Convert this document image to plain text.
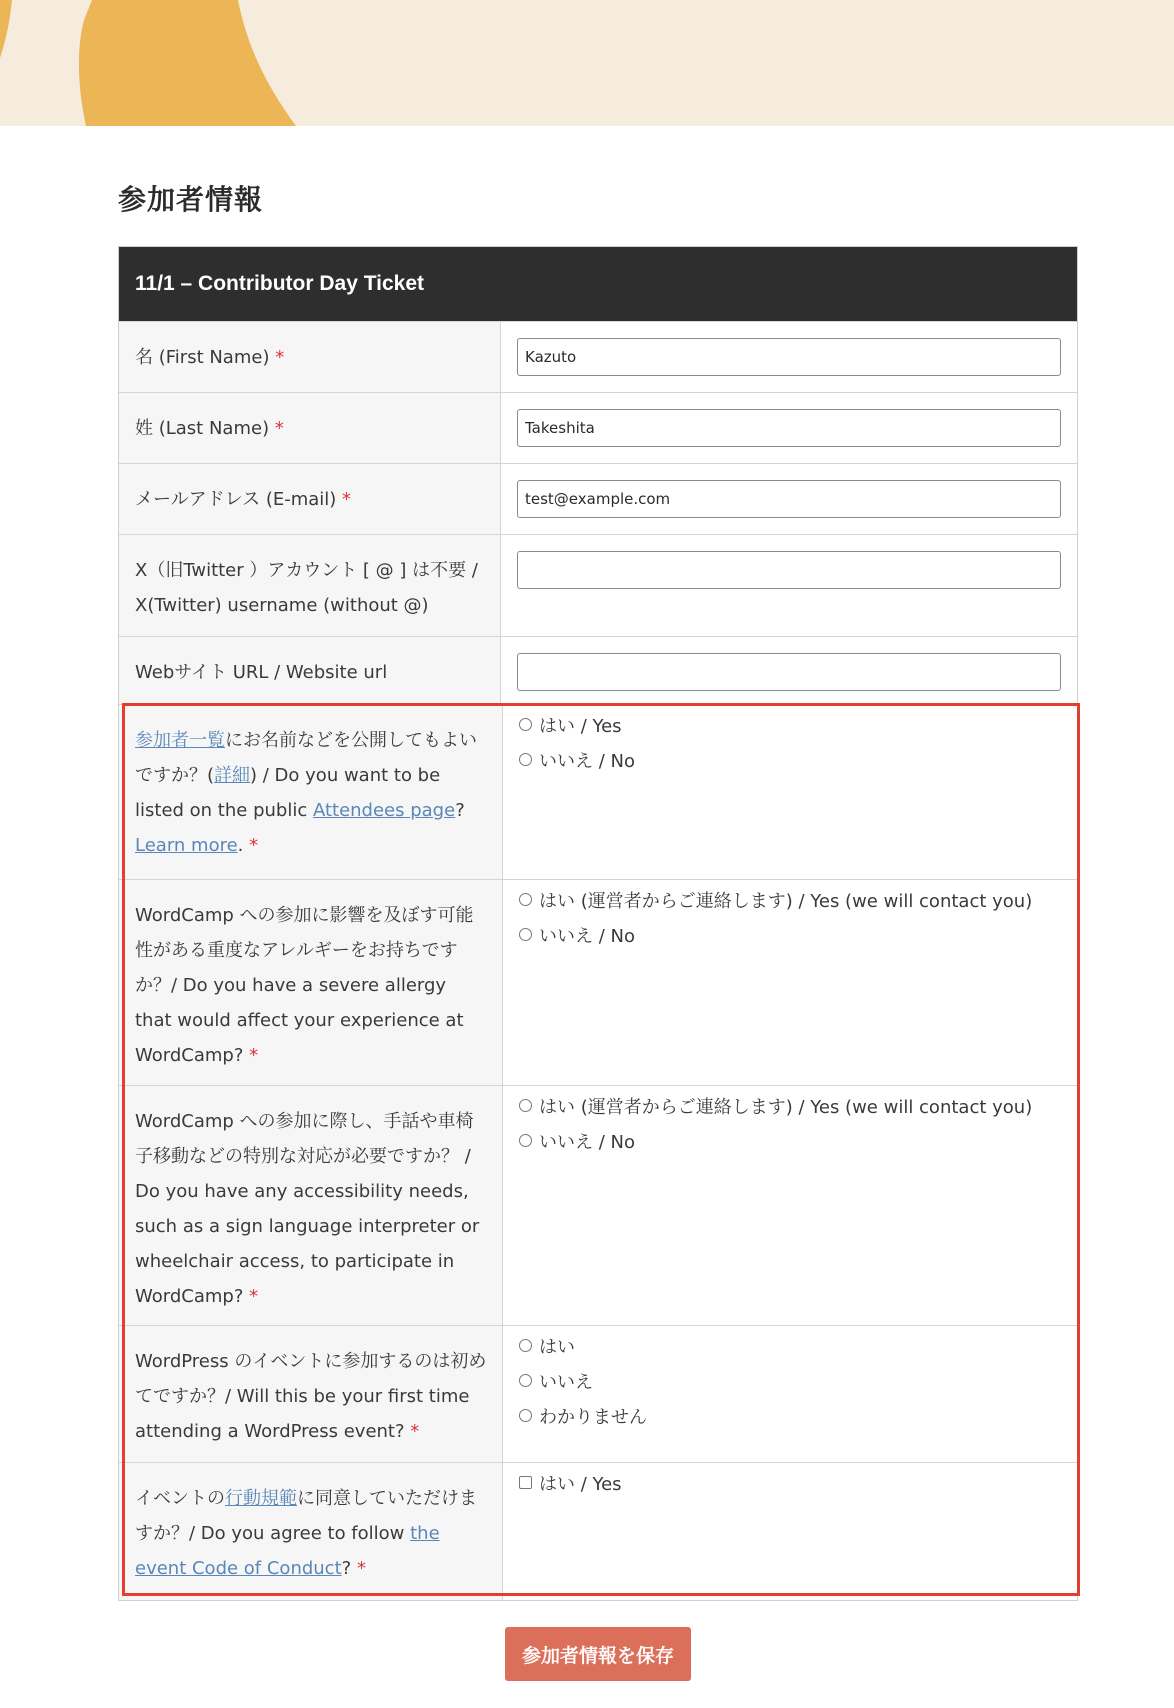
参加者情報
11/1 – Contributor Day Ticket
名 (First Name) *
Kazuto
姓 (Last Name) *
Takeshita
メールアドレス (E-mail) *
test@example.com
X（旧Twitter ）アカウント [ @ ] は不要 / X(Twitter) username (without @)
Webサイト URL / Website url
参加者一覧にお名前などを公開してもよいですか？(詳細) / Do you want to be listed on the public Attendees page? Learn more. *
はい / Yes
いいえ / No
WordCamp への参加に影響を及ぼす可能性がある重度なアレルギーをお持ちですか？/ Do you have a severe allergy that would affect your experience at WordCamp? *
はい (運営者からご連絡します) / Yes (we will contact you)
いいえ / No
WordCamp への参加に際し、手話や車椅子移動などの特別な対応が必要ですか？ / Do you have any accessibility needs, such as a sign language interpreter or wheelchair access, to participate in WordCamp? *
はい (運営者からご連絡します) / Yes (we will contact you)
いいえ / No
WordPress のイベントに参加するのは初めてですか？/ Will this be your first time attending a WordPress event? *
はい
いいえ
わかりません
イベントの行動規範に同意していただけますか？/ Do you agree to follow the event Code of Conduct? *
はい / Yes
参加者情報を保存
